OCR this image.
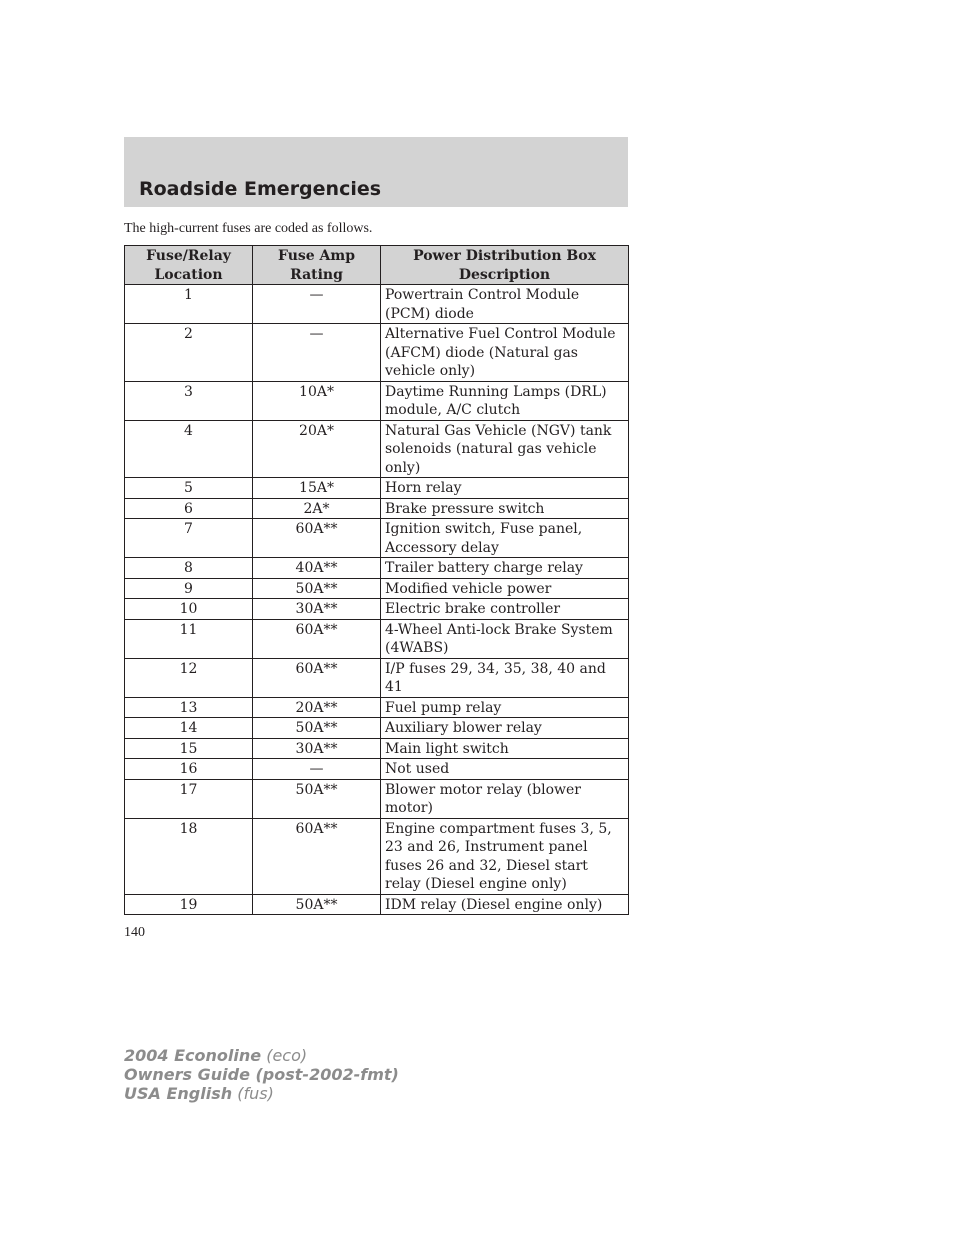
Roadside Emergencies

The high-current fuses are coded as follows.

Fuse/Relay Location	Fuse Amp Rating	Power Distribution Box Description
1	—	Powertrain Control Module (PCM) diode
2	—	Alternative Fuel Control Module (AFCM) diode (Natural gas vehicle only)
3	10A*	Daytime Running Lamps (DRL) module, A/C clutch
4	20A*	Natural Gas Vehicle (NGV) tank solenoids (natural gas vehicle only)
5	15A*	Horn relay
6	2A*	Brake pressure switch
7	60A**	Ignition switch, Fuse panel, Accessory delay
8	40A**	Trailer battery charge relay
9	50A**	Modified vehicle power
10	30A**	Electric brake controller
11	60A**	4-Wheel Anti-lock Brake System (4WABS)
12	60A**	I/P fuses 29, 34, 35, 38, 40 and 41
13	20A**	Fuel pump relay
14	50A**	Auxiliary blower relay
15	30A**	Main light switch
16	—	Not used
17	50A**	Blower motor relay (blower motor)
18	60A**	Engine compartment fuses 3, 5, 23 and 26, Instrument panel fuses 26 and 32, Diesel start relay (Diesel engine only)
19	50A**	IDM relay (Diesel engine only)

140

2004 Econoline (eco)
Owners Guide (post-2002-fmt)
USA English (fus)
